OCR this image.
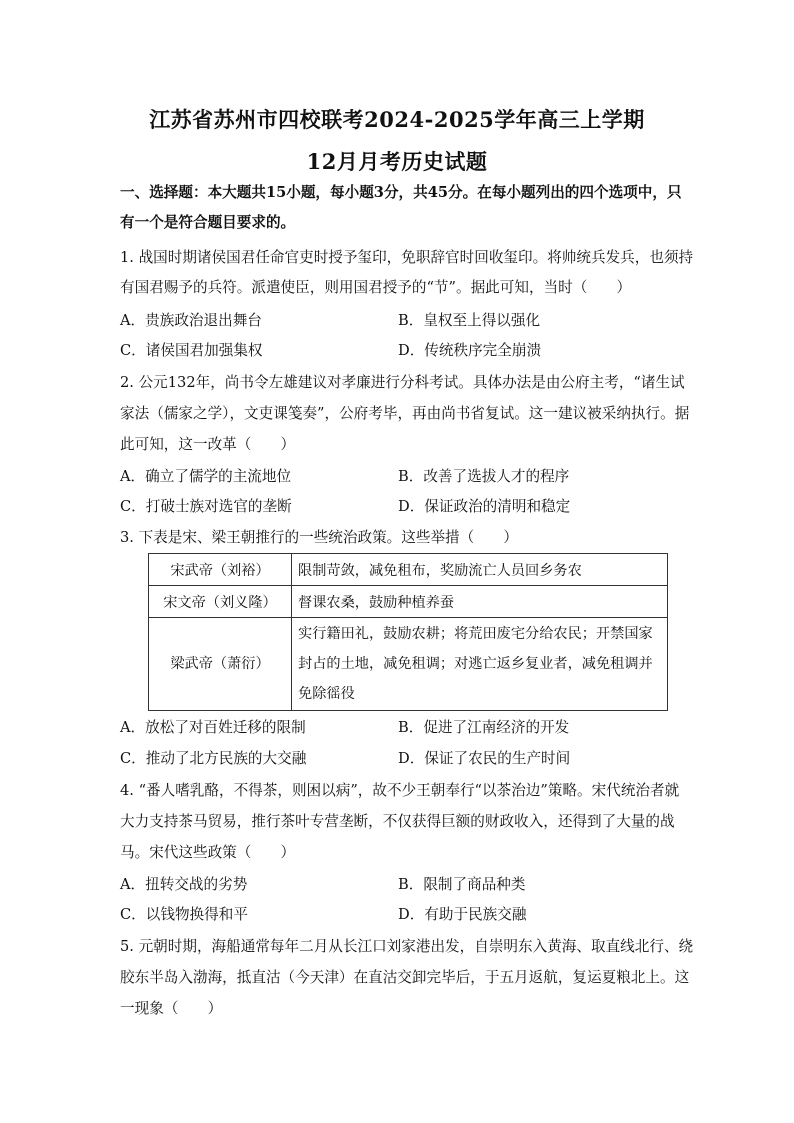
江苏省苏州市四校联考2024-2025学年高三上学期
12月月考历史试题
一、选择题：本大题共15小题，每小题3分，共45分。在每小题列出的四个选项中，只
有一个是符合题目要求的。
1. 战国时期诸侯国君任命官吏时授予玺印，免职辞官时回收玺印。将帅统兵发兵，也须持
有国君赐予的兵符。派遣使臣，则用国君授予的“节”。据此可知，当时（　　）
A．贵族政治退出舞台	B．皇权至上得以强化
C．诸侯国君加强集权	D．传统秩序完全崩溃
2. 公元132年，尚书令左雄建议对孝廉进行分科考试。具体办法是由公府主考，“诸生试
家法（儒家之学），文吏课笺奏”，公府考毕，再由尚书省复试。这一建议被采纳执行。据
此可知，这一改革（　　）
A．确立了儒学的主流地位	B．改善了选拔人才的程序
C．打破士族对选官的垄断	D．保证政治的清明和稳定
3. 下表是宋、梁王朝推行的一些统治政策。这些举措（　　）
宋武帝（刘裕）	限制苛敛，减免租布，奖励流亡人员回乡务农
宋文帝（刘义隆）	督课农桑，鼓励种植养蚕
梁武帝（萧衍）	实行籍田礼，鼓励农耕；将荒田废宅分给农民；开禁国家封占的土地，减免租调；对逃亡返乡复业者，减免租调并免除徭役
A．放松了对百姓迁移的限制	B．促进了江南经济的开发
C．推动了北方民族的大交融	D．保证了农民的生产时间
4. “番人嗜乳酪，不得茶，则困以病”，故不少王朝奉行“以茶治边”策略。宋代统治者就
大力支持茶马贸易，推行茶叶专营垄断，不仅获得巨额的财政收入，还得到了大量的战
马。宋代这些政策（　　）
A．扭转交战的劣势	B．限制了商品种类
C．以钱物换得和平	D．有助于民族交融
5. 元朝时期，海船通常每年二月从长江口刘家港出发，自崇明东入黄海、取直线北行、绕
胶东半岛入渤海，抵直沽（今天津）在直沽交卸完毕后，于五月返航，复运夏粮北上。这
一现象（　　）
